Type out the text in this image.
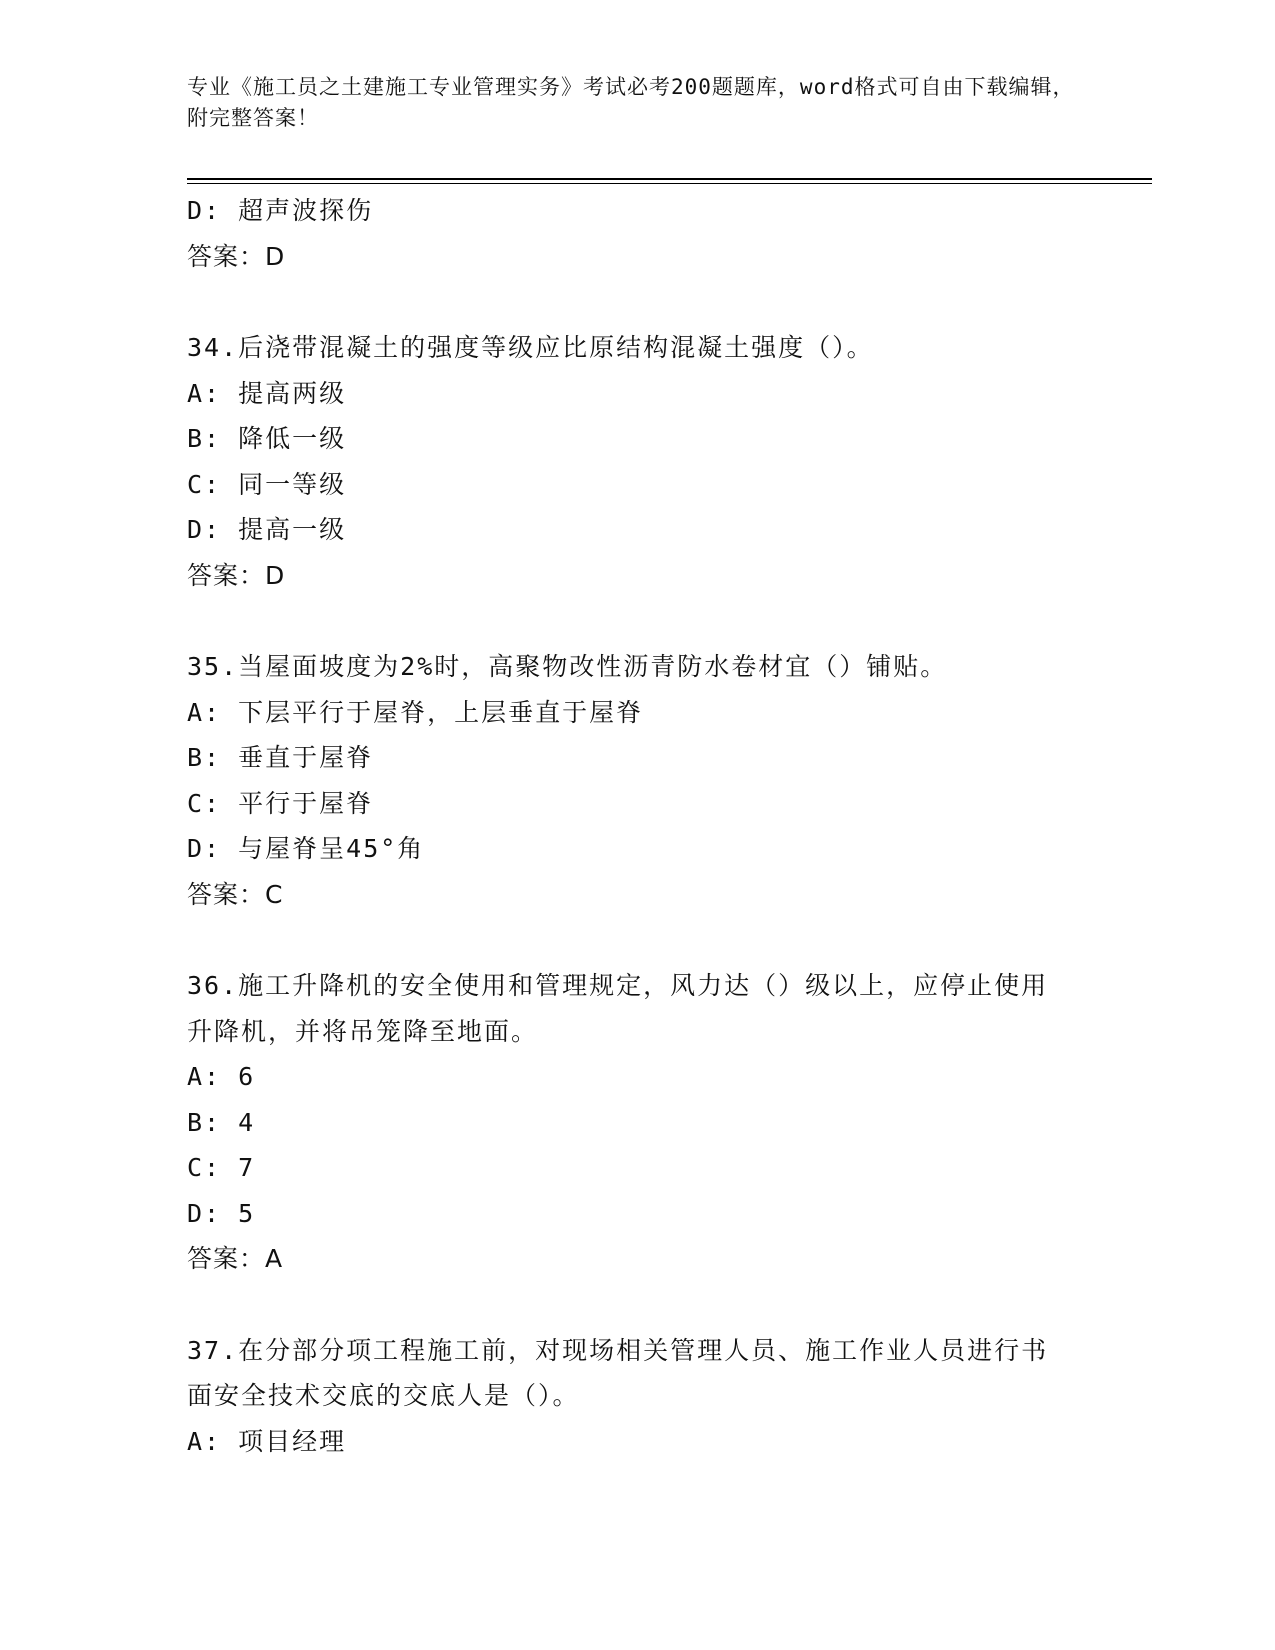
专业《施工员之土建施工专业管理实务》考试必考200题题库，word格式可自由下载编辑，附完整答案！
D: 超声波探伤
答案：D
34.后浇带混凝土的强度等级应比原结构混凝土强度（）。
A: 提高两级
B: 降低一级
C: 同一等级
D: 提高一级
答案：D
35.当屋面坡度为2%时，高聚物改性沥青防水卷材宜（）铺贴。
A: 下层平行于屋脊，上层垂直于屋脊
B: 垂直于屋脊
C: 平行于屋脊
D: 与屋脊呈45°角
答案：C
36.施工升降机的安全使用和管理规定，风力达（）级以上，应停止使用升降机，并将吊笼降至地面。
A: 6
B: 4
C: 7
D: 5
答案：A
37.在分部分项工程施工前，对现场相关管理人员、施工作业人员进行书面安全技术交底的交底人是（）。
A: 项目经理
